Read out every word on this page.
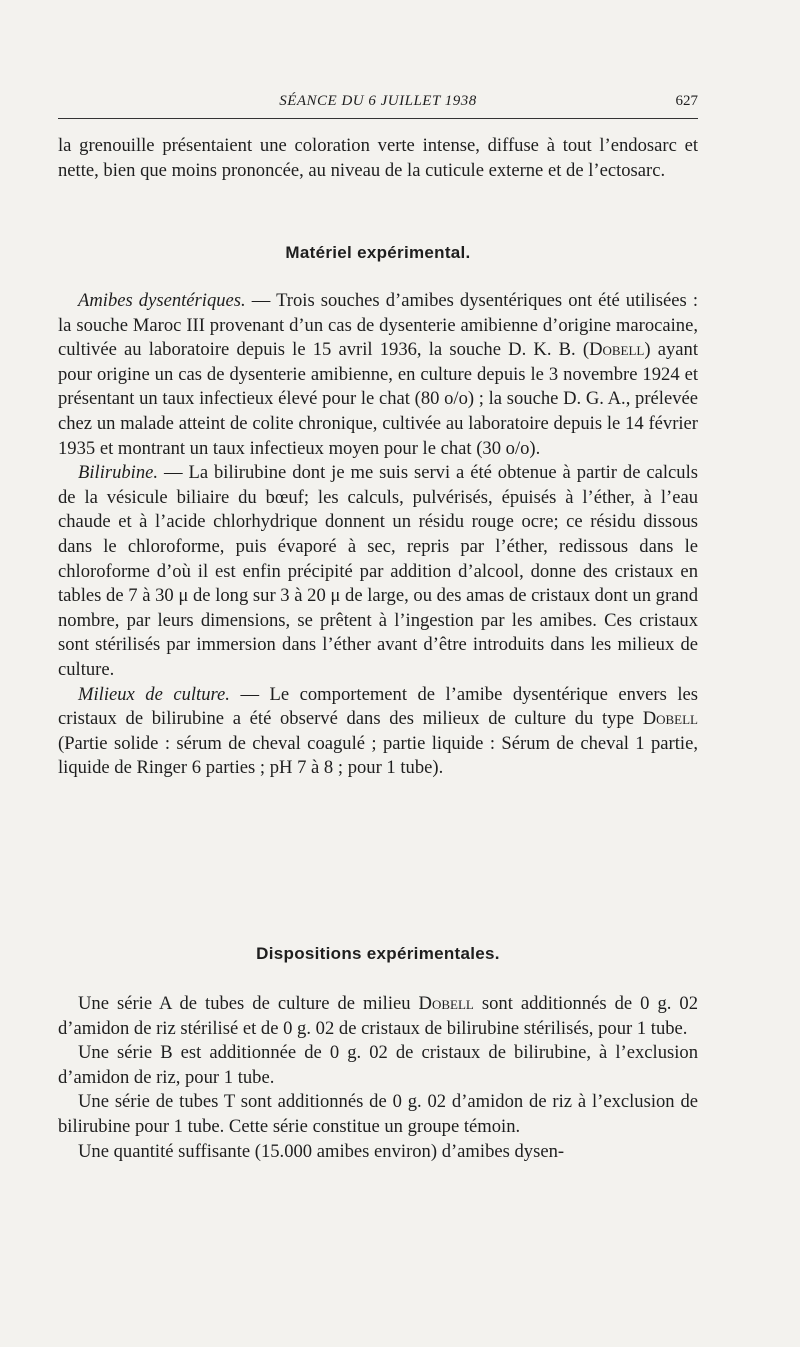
SÉANCE DU 6 JUILLET 1938	627

la grenouille présentaient une coloration verte intense, diffuse à tout l’endosarc et nette, bien que moins prononcée, au niveau de la cuticule externe et de l’ectosarc.

Matériel expérimental.

Amibes dysentériques. — Trois souches d’amibes dysentériques ont été utilisées : la souche Maroc III provenant d’un cas de dysenterie amibienne d’origine marocaine, cultivée au laboratoire depuis le 15 avril 1936, la souche D. K. B. (Dobell) ayant pour origine un cas de dysenterie amibienne, en culture depuis le 3 novembre 1924 et présentant un taux infectieux élevé pour le chat (80 o/o) ; la souche D. G. A., prélevée chez un malade atteint de colite chronique, cultivée au laboratoire depuis le 14 février 1935 et montrant un taux infectieux moyen pour le chat (30 o/o).

Bilirubine. — La bilirubine dont je me suis servi a été obtenue à partir de calculs de la vésicule biliaire du bœuf; les calculs, pulvérisés, épuisés à l’éther, à l’eau chaude et à l’acide chlorhydrique donnent un résidu rouge ocre; ce résidu dissous dans le chloroforme, puis évaporé à sec, repris par l’éther, redissous dans le chloroforme d’où il est enfin précipité par addition d’alcool, donne des cristaux en tables de 7 à 30 μ de long sur 3 à 20 μ de large, ou des amas de cristaux dont un grand nombre, par leurs dimensions, se prêtent à l’ingestion par les amibes. Ces cristaux sont stérilisés par immersion dans l’éther avant d’être introduits dans les milieux de culture.

Milieux de culture. — Le comportement de l’amibe dysentérique envers les cristaux de bilirubine a été observé dans des milieux de culture du type Dobell (Partie solide : sérum de cheval coagulé ; partie liquide : Sérum de cheval 1 partie, liquide de Ringer 6 parties ; pH 7 à 8 ; pour 1 tube).

Dispositions expérimentales.

Une série A de tubes de culture de milieu Dobell sont additionnés de 0 g. 02 d’amidon de riz stérilisé et de 0 g. 02 de cristaux de bilirubine stérilisés, pour 1 tube.

Une série B est additionnée de 0 g. 02 de cristaux de bilirubine, à l’exclusion d’amidon de riz, pour 1 tube.

Une série de tubes T sont additionnés de 0 g. 02 d’amidon de riz à l’exclusion de bilirubine pour 1 tube. Cette série constitue un groupe témoin.

Une quantité suffisante (15.000 amibes environ) d’amibes dysen-
